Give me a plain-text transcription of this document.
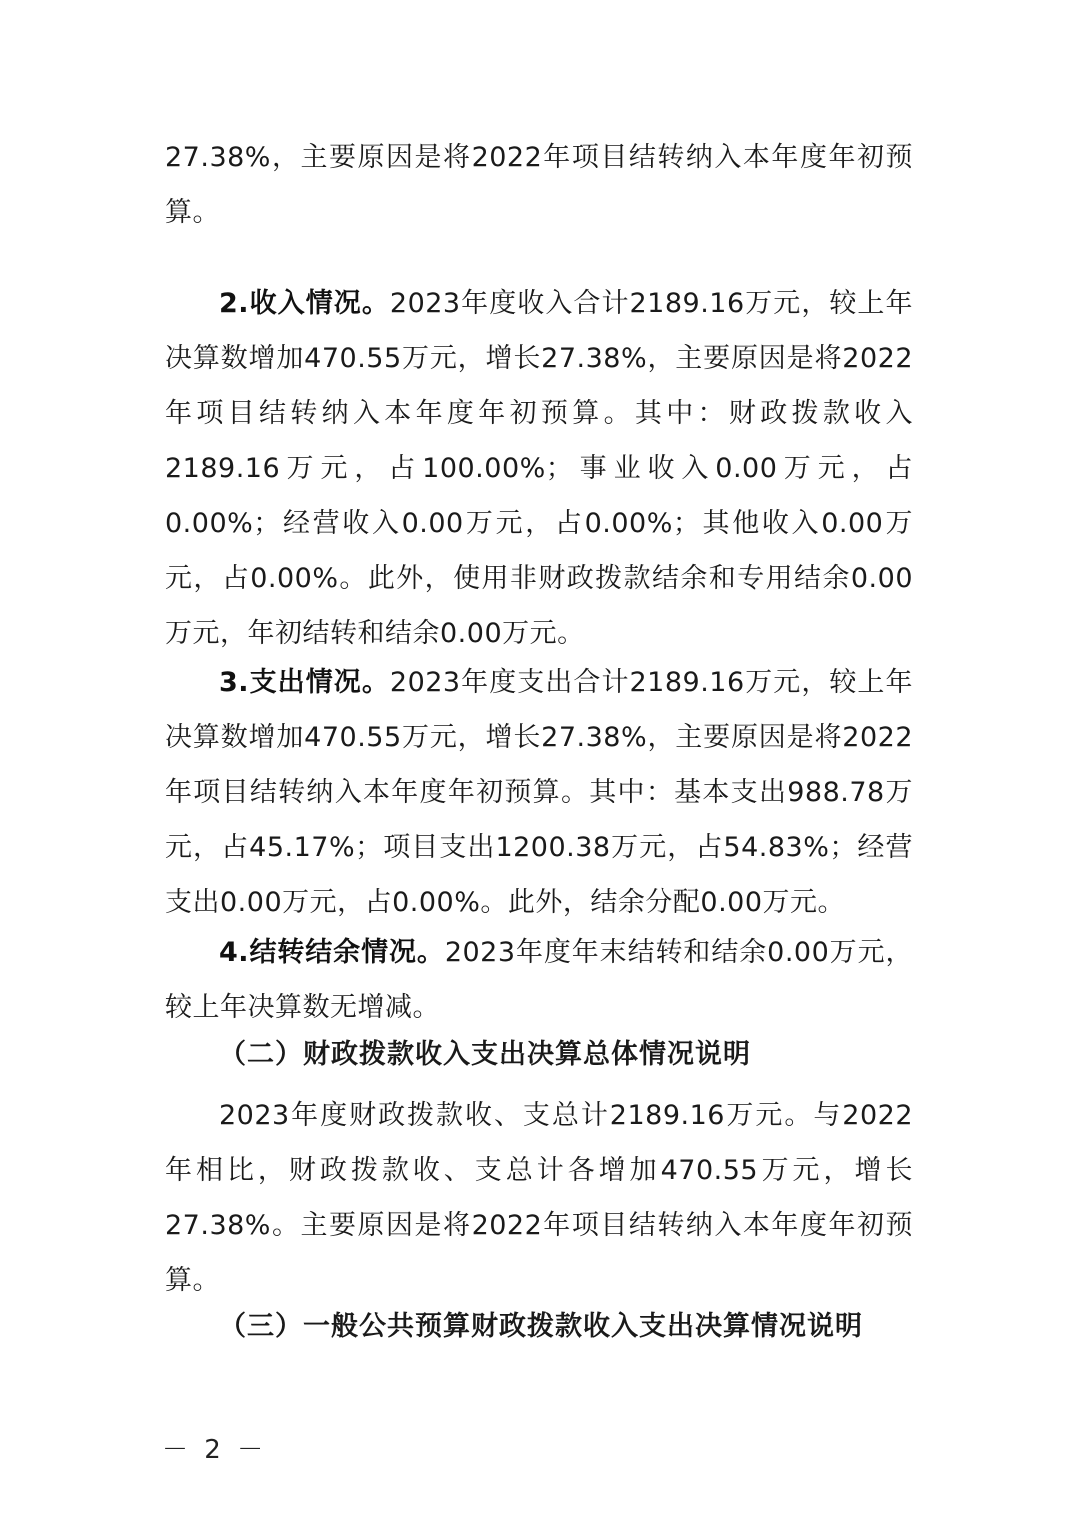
27.38%，主要原因是将2022年项目结转纳入本年度年初预算。

2.收入情况。2023年度收入合计2189.16万元，较上年决算数增加470.55万元，增长27.38%，主要原因是将2022年项目结转纳入本年度年初预算。其中：财政拨款收入2189.16万元，占100.00%；事业收入0.00万元，占0.00%；经营收入0.00万元，占0.00%；其他收入0.00万元，占0.00%。此外，使用非财政拨款结余和专用结余0.00万元，年初结转和结余0.00万元。

3.支出情况。2023年度支出合计2189.16万元，较上年决算数增加470.55万元，增长27.38%，主要原因是将2022年项目结转纳入本年度年初预算。其中：基本支出988.78万元，占45.17%；项目支出1200.38万元，占54.83%；经营支出0.00万元，占0.00%。此外，结余分配0.00万元。

4.结转结余情况。2023年度年末结转和结余0.00万元，较上年决算数无增减。

（二）财政拨款收入支出决算总体情况说明

2023年度财政拨款收、支总计2189.16万元。与2022年相比，财政拨款收、支总计各增加470.55万元，增长27.38%。主要原因是将2022年项目结转纳入本年度年初预算。

（三）一般公共预算财政拨款收入支出决算情况说明
－ 2 －
